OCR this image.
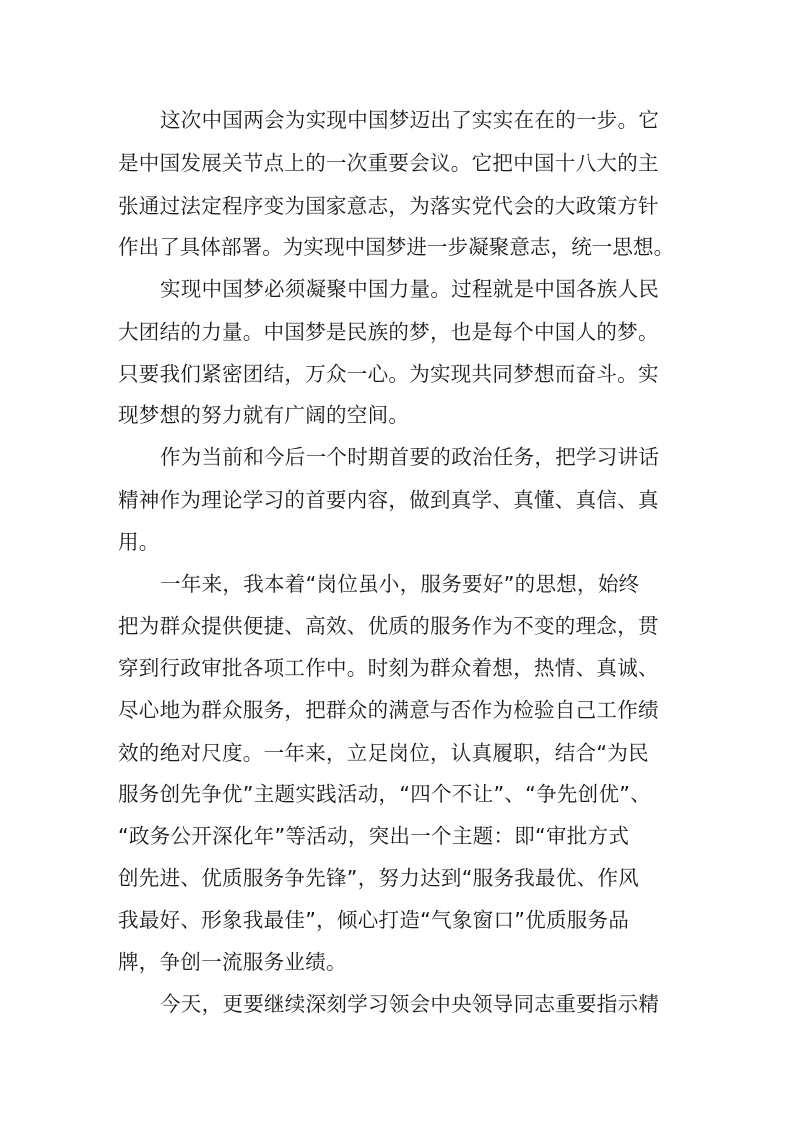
这次中国两会为实现中国梦迈出了实实在在的一步。它
是中国发展关节点上的一次重要会议。它把中国十八大的主
张通过法定程序变为国家意志，为落实党代会的大政策方针
作出了具体部署。为实现中国梦进一步凝聚意志，统一思想。
实现中国梦必须凝聚中国力量。过程就是中国各族人民
大团结的力量。中国梦是民族的梦，也是每个中国人的梦。
只要我们紧密团结，万众一心。为实现共同梦想而奋斗。实
现梦想的努力就有广阔的空间。
作为当前和今后一个时期首要的政治任务，把学习讲话
精神作为理论学习的首要内容，做到真学、真懂、真信、真
用。
一年来，我本着“岗位虽小，服务要好”的思想，始终
把为群众提供便捷、高效、优质的服务作为不变的理念，贯
穿到行政审批各项工作中。时刻为群众着想，热情、真诚、
尽心地为群众服务，把群众的满意与否作为检验自己工作绩
效的绝对尺度。一年来，立足岗位，认真履职，结合“为民
服务创先争优”主题实践活动，“四个不让”、“争先创优”、
“政务公开深化年”等活动，突出一个主题：即“审批方式
创先进、优质服务争先锋”，努力达到“服务我最优、作风
我最好、形象我最佳”，倾心打造“气象窗口”优质服务品
牌，争创一流服务业绩。
今天，更要继续深刻学习领会中央领导同志重要指示精
